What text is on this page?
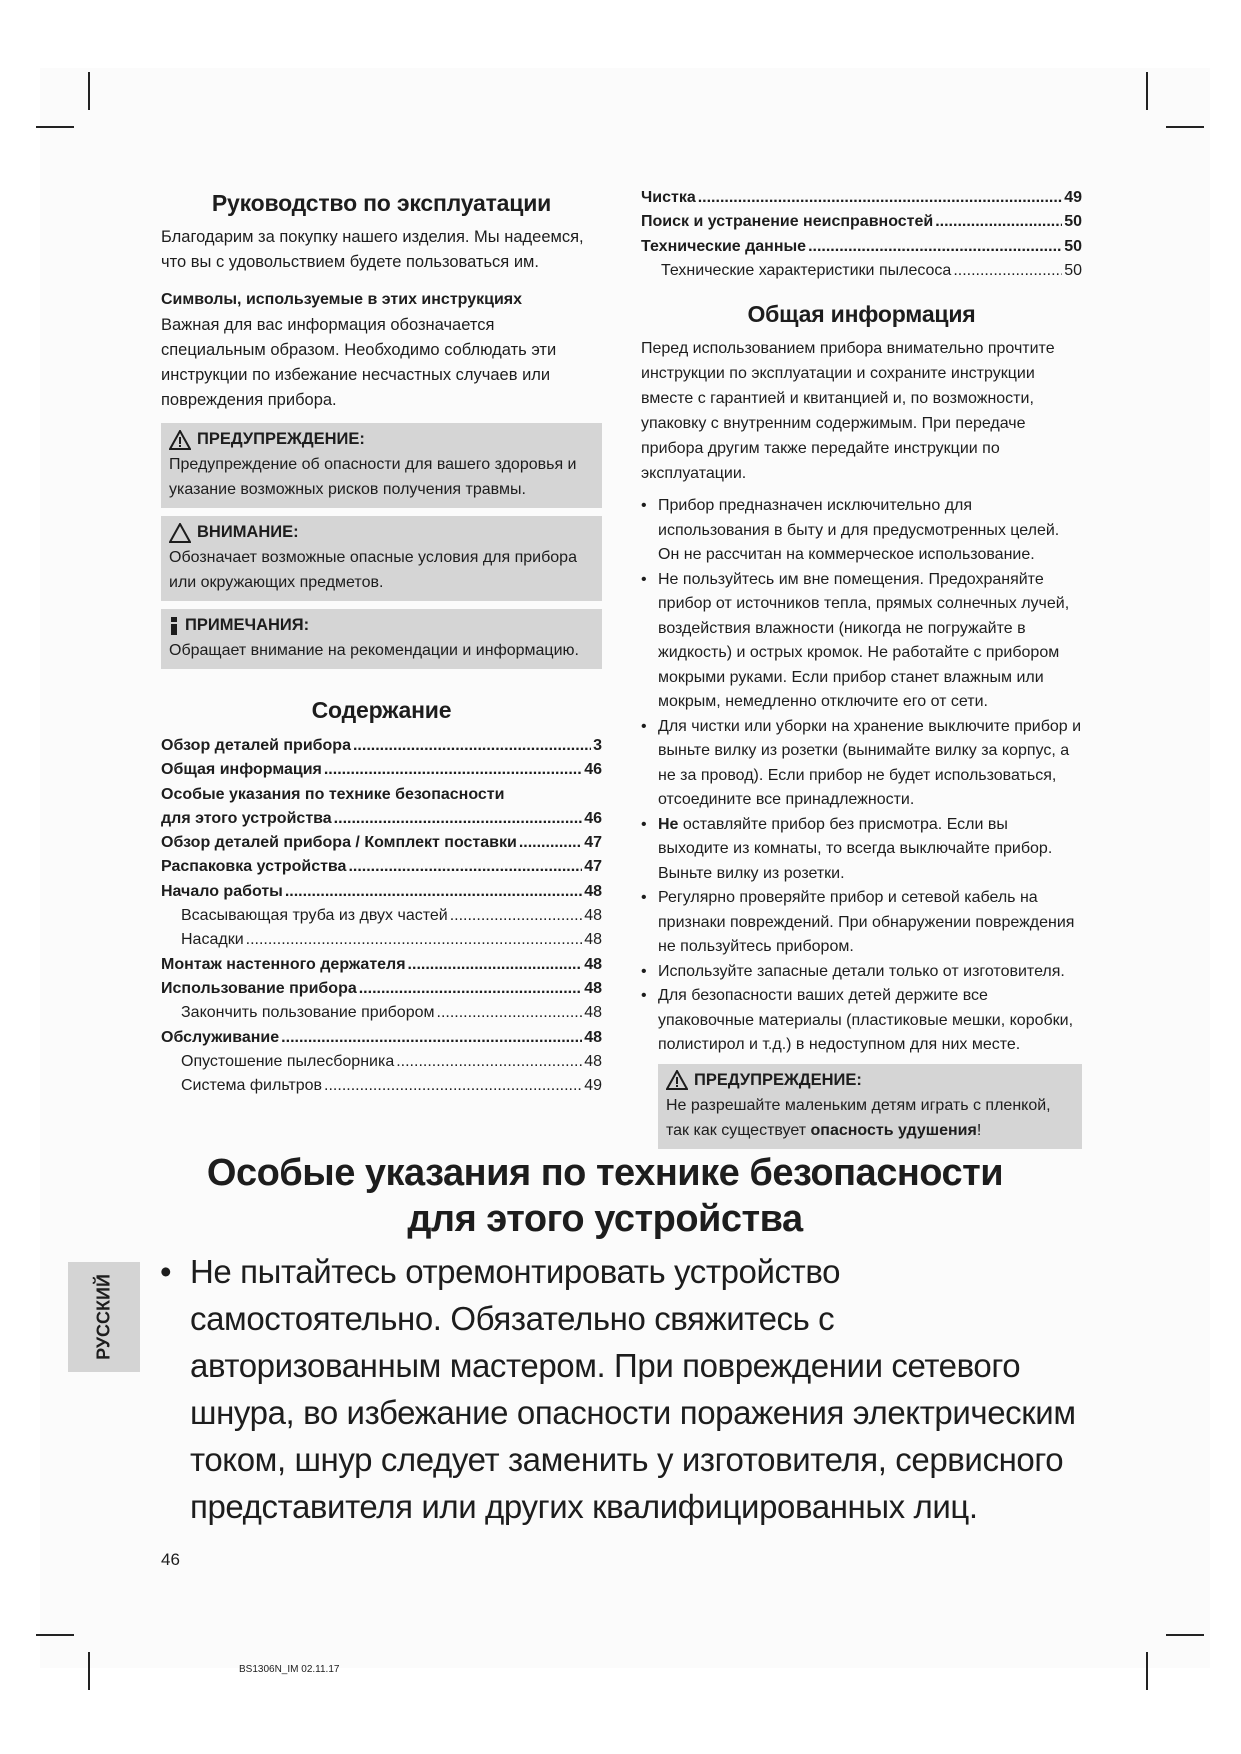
Руководство по эксплуатации

Благодарим за покупку нашего изделия. Мы надеемся, что вы с удовольствием будете пользоваться им.

Символы, используемые в этих инструкциях

Важная для вас информация обозначается специальным образом. Необходимо соблюдать эти инструкции по избежание несчастных случаев или повреждения прибора.

ПРЕДУПРЕЖДЕНИЕ:
Предупреждение об опасности для вашего здоровья и указание возможных рисков получения травмы.
ВНИМАНИЕ:
Обозначает возможные опасные условия для прибора или окружающих предметов.
ПРИМЕЧАНИЯ:
Обращает внимание на рекомендации и информацию.
Содержание
Обзор деталей прибора .....	3
Общая информация .....	46
Особые указания по технике безопасности
для этого устройства .....	46
Обзор деталей прибора / Комплект поставки .....	47
Распаковка устройства .....	47
Начало работы .....	48
Всасывающая труба из двух частей .....	48
Насадки .....	48
Монтаж настенного держателя .....	48
Использование прибора .....	48
Закончить пользование прибором .....	48
Обслуживание .....	48
Опустошение пылесборника .....	48
Система фильтров .....	49
Чистка .....	49
Поиск и устранение неисправностей .....	50
Технические данные .....	50
Технические характеристики пылесоса .....	50
Общая информация

Перед использованием прибора внимательно прочтите инструкции по эксплуатации и сохраните инструкции вместе с гарантией и квитанцией и, по возможности, упаковку с внутренним содержимым. При передаче прибора другим также передайте инструкции по эксплуатации.

• Прибор предназначен исключительно для использования в быту и для предусмотренных целей. Он не рассчитан на коммерческое использование.
• Не пользуйтесь им вне помещения. Предохраняйте прибор от источников тепла, прямых солнечных лучей, воздействия влажности (никогда не погружайте в жидкость) и острых кромок. Не работайте с прибором мокрыми руками. Если прибор станет влажным или мокрым, немедленно отключите его от сети.
• Для чистки или уборки на хранение выключите прибор и выньте вилку из розетки (вынимайте вилку за корпус, а не за провод). Если прибор не будет использоваться, отсоедините все принадлежности.
• Не оставляйте прибор без присмотра. Если вы выходите из комнаты, то всегда выключайте прибор. Выньте вилку из розетки.
• Регулярно проверяйте прибор и сетевой кабель на признаки повреждений. При обнаружении повреждения не пользуйтесь прибором.
• Используйте запасные детали только от изготовителя.
• Для безопасности ваших детей держите все упаковочные материалы (пластиковые мешки, коробки, полистирол и т.д.) в недоступном для них месте.
ПРЕДУПРЕЖДЕНИЕ:
Не разрешайте маленьким детям играть с пленкой, так как существует опасность удушения!
Особые указания по технике безопасности
для этого устройства
• Не пытайтесь отремонтировать устройство самостоятельно. Обязательно свяжитесь с авторизованным мастером. При повреждении сетевого шнура, во избежание опасности поражения электрическим током, шнур следует заменить у изготовителя, сервисного представителя или других квалифицированных лиц.
РУССКИЙ
46
BS1306N_IM 02.11.17
